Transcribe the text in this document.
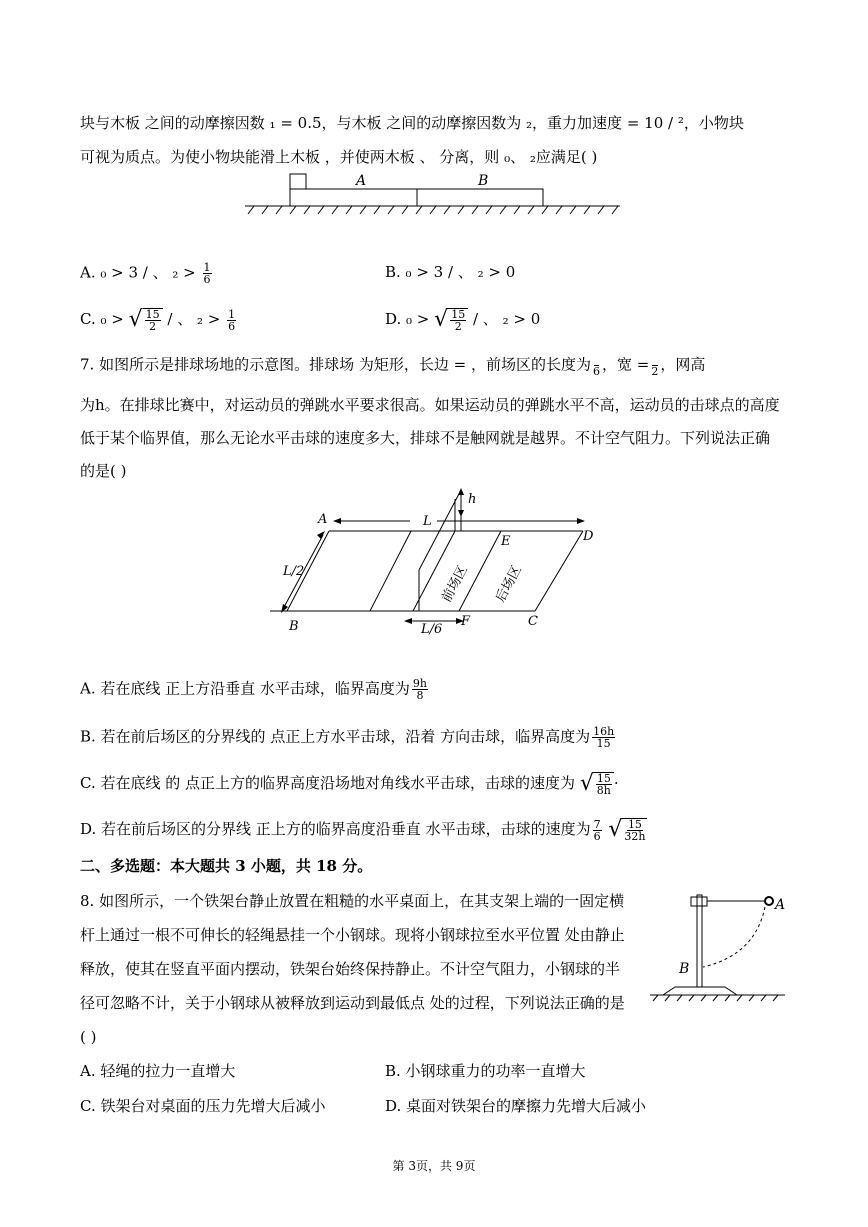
块与木板 之间的动摩擦因数 ₁ = 0.5，与木板 之间的动摩擦因数为 ₂，重力加速度 = 10 / ²，小物块
可视为质点。为使小物块能滑上木板 ，并使两木板 、 分离，则 ₀、 ₂应满足( )
A	B
A. ₀ > 3 / 、 $_2 > \frac{1}{6}$	B. ₀ > 3 / 、 ₂ > 0
C. ₀ > √ $\frac{15}{2}$ / 、 $_2 > \frac{1}{6}$	D. ₀ > √ $\frac{15}{2}$ / 、 ₂ > 0
7. 如图所示是排球场地的示意图。排球场 为矩形，长边 = ，前场区的长度为
6 ，宽 =
2 ，网高
为h。在排球比赛中，对运动员的弹跳水平要求很高。如果运动员的弹跳水平不高，运动员的击球点的高度
低于某个临界值，那么无论水平击球的速度多大，排球不是触网就是越界。不计空气阻力。下列说法正确
的是( )
h
L
L/2
L/6
A
B	C
D
E
F
前场区 后场区
A. 若在底线 正上方沿垂直 水平击球，临界高度为 $\frac{9h}{8}$
B. 若在前后场区的分界线的 点正上方水平击球，沿着 方向击球，临界高度为 $\frac{16h}{15}$
C. 若在底线 的 点正上方的临界高度沿场地对角线水平击球，击球的速度为 √ $\frac{15}{8h}$ ·
D. 若在前后场区的分界线 正上方的临界高度沿垂直 水平击球，击球的速度为 $\frac{7}{6}$
√ $\frac{15}{32h}$
二、多选题：本大题共 3 小题，共 18 分。
8. 如图所示，一个铁架台静止放置在粗糙的水平桌面上，在其支架上端的一固定横
杆上通过一根不可伸长的轻绳悬挂一个小钢球。现将小钢球拉至水平位置 处由静止
释放，使其在竖直平面内摆动，铁架台始终保持静止。不计空气阻力，小钢球的半
径可忽略不计，关于小钢球从被释放到运动到最低点 处的过程，下列说法正确的是
( )
A
B
A. 轻绳的拉力一直增大	B. 小钢球重力的功率一直增大
C. 铁架台对桌面的压力先增大后减小	D. 桌面对铁架台的摩擦力先增大后减小
第 3页，共 9页
